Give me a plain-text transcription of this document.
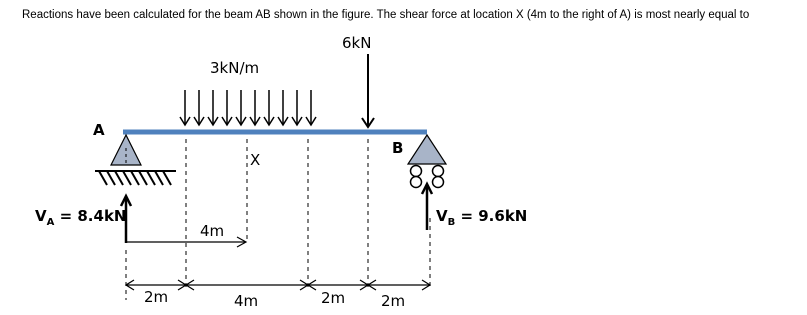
Reactions have been calculated for the beam AB shown in the figure. The shear force at location X (4m to the right of A) is most nearly equal to
3kN/m
6kN
A
$V_A = 8.4kN$
B
$V_B = 9.6kN$
X
4m
2m	4m	2m 2m
